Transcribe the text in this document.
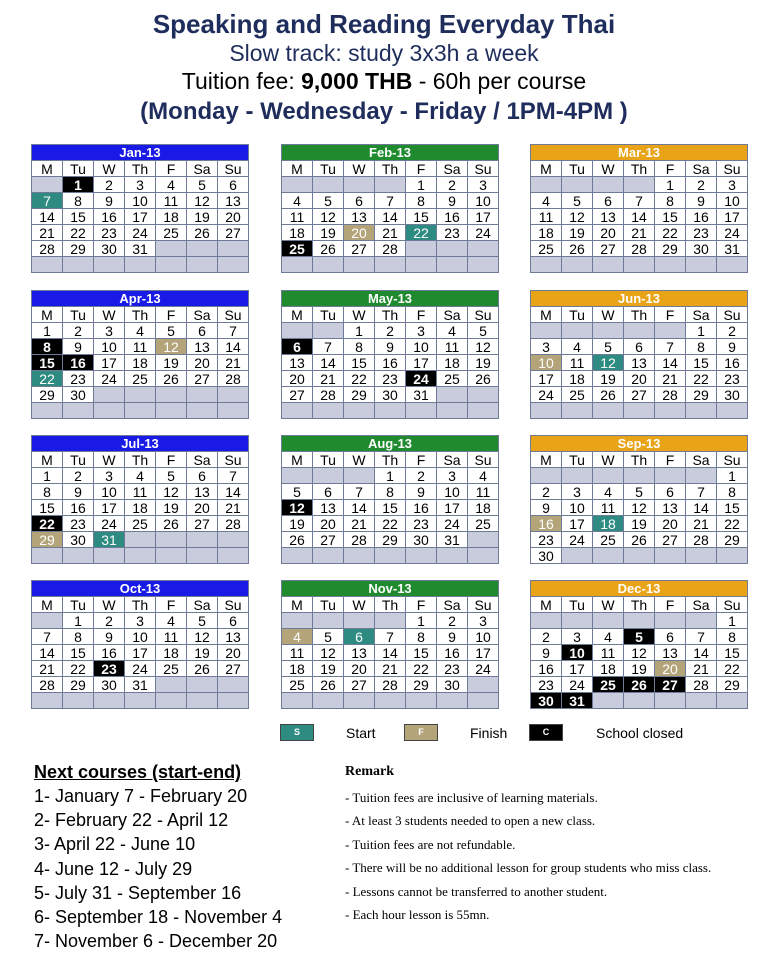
Speaking and Reading Everyday Thai
Slow track: study 3x3h a week
Tuition fee: 9,000 THB - 60h per course
(Monday - Wednesday - Friday / 1PM-4PM )
Jan-13						
M	Tu	W	Th	F	Sa	Su
	1	2	3	4	5	6
7	8	9	10	11	12	13
14	15	16	17	18	19	20
21	22	23	24	25	26	27
28	29	30	31			

Feb-13						
M	Tu	W	Th	F	Sa	Su
				1	2	3
4	5	6	7	8	9	10
11	12	13	14	15	16	17
18	19	20	21	22	23	24
25	26	27	28			

Mar-13						
M	Tu	W	Th	F	Sa	Su
				1	2	3
4	5	6	7	8	9	10
11	12	13	14	15	16	17
18	19	20	21	22	23	24
25	26	27	28	29	30	31

Apr-13						
M	Tu	W	Th	F	Sa	Su
1	2	3	4	5	6	7
8	9	10	11	12	13	14
15	16	17	18	19	20	21
22	23	24	25	26	27	28
29	30					

May-13						
M	Tu	W	Th	F	Sa	Su
		1	2	3	4	5
6	7	8	9	10	11	12
13	14	15	16	17	18	19
20	21	22	23	24	25	26
27	28	29	30	31		

Jun-13						
M	Tu	W	Th	F	Sa	Su
					1	2
3	4	5	6	7	8	9
10	11	12	13	14	15	16
17	18	19	20	21	22	23
24	25	26	27	28	29	30

Jul-13						
M	Tu	W	Th	F	Sa	Su
1	2	3	4	5	6	7
8	9	10	11	12	13	14
15	16	17	18	19	20	21
22	23	24	25	26	27	28
29	30	31				

Aug-13						
M	Tu	W	Th	F	Sa	Su
			1	2	3	4
5	6	7	8	9	10	11
12	13	14	15	16	17	18
19	20	21	22	23	24	25
26	27	28	29	30	31	

Sep-13						
M	Tu	W	Th	F	Sa	Su
						1
2	3	4	5	6	7	8
9	10	11	12	13	14	15
16	17	18	19	20	21	22
23	24	25	26	27	28	29
30						
Oct-13						
M	Tu	W	Th	F	Sa	Su
	1	2	3	4	5	6
7	8	9	10	11	12	13
14	15	16	17	18	19	20
21	22	23	24	25	26	27
28	29	30	31			

Nov-13						
M	Tu	W	Th	F	Sa	Su
				1	2	3
4	5	6	7	8	9	10
11	12	13	14	15	16	17
18	19	20	21	22	23	24
25	26	27	28	29	30	

Dec-13						
M	Tu	W	Th	F	Sa	Su
						1
2	3	4	5	6	7	8
9	10	11	12	13	14	15
16	17	18	19	20	21	22
23	24	25	26	27	28	29
30	31					
S	Start	F	Finish	C	School closed
Next courses (start-end)
1- January 7 - February 20
2- February 22 - April 12
3- April 22 - June 10
4- June 12 - July 29
5- July 31 - September 16
6- September 18 - November 4
7- November 6 - December 20
Remark
- Tuition fees are inclusive of learning materials.
- At least 3 students needed to open a new class.
- Tuition fees are not refundable.
- There will be no additional lesson for group students who miss class.
- Lessons cannot be transferred to another student.
- Each hour lesson is 55mn.
